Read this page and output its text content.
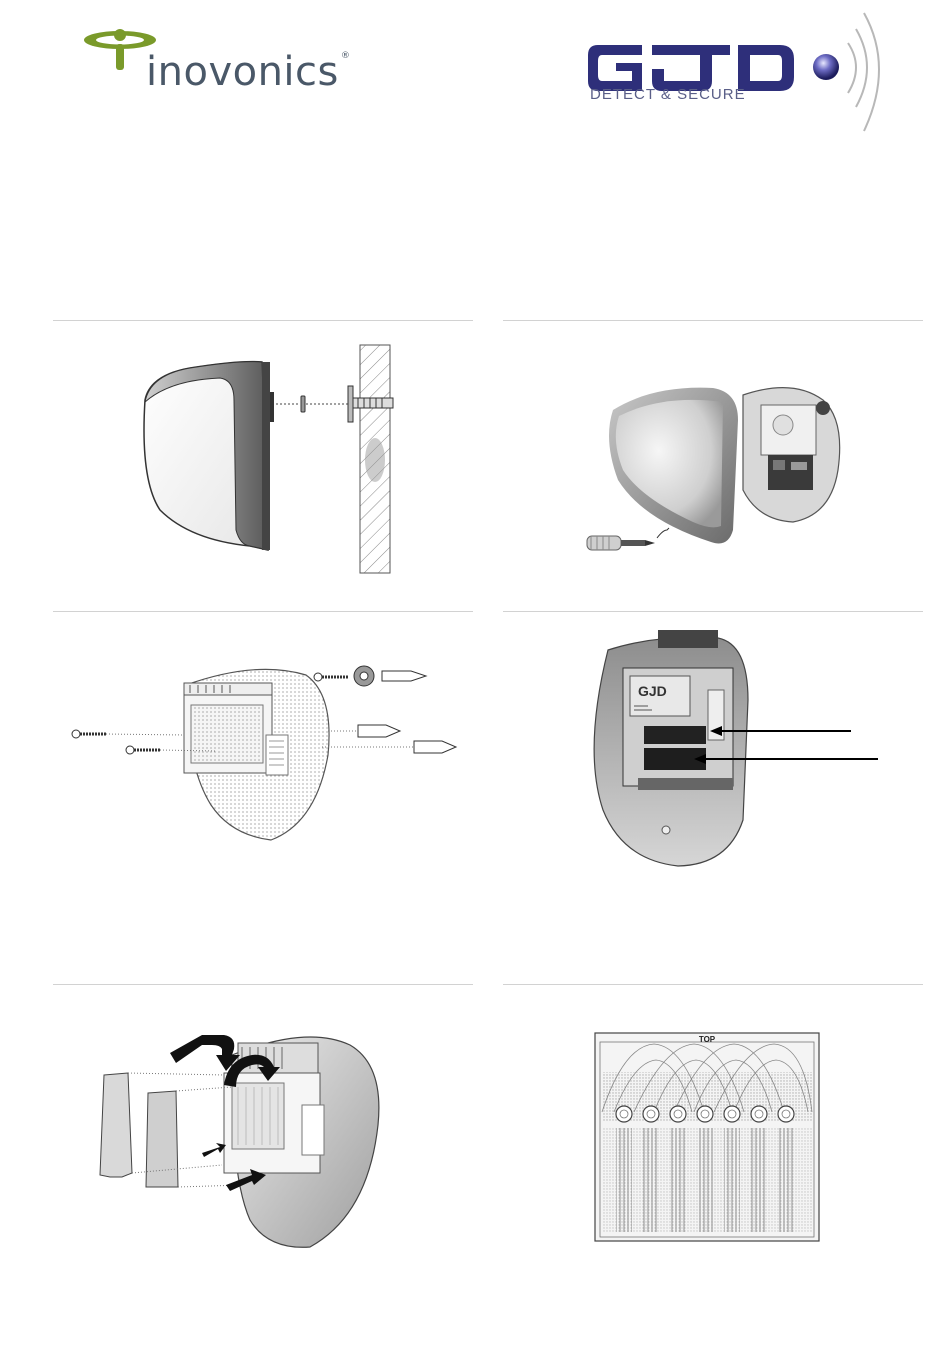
inovonics ®
DETECT & SECURE
GJD
TOP
